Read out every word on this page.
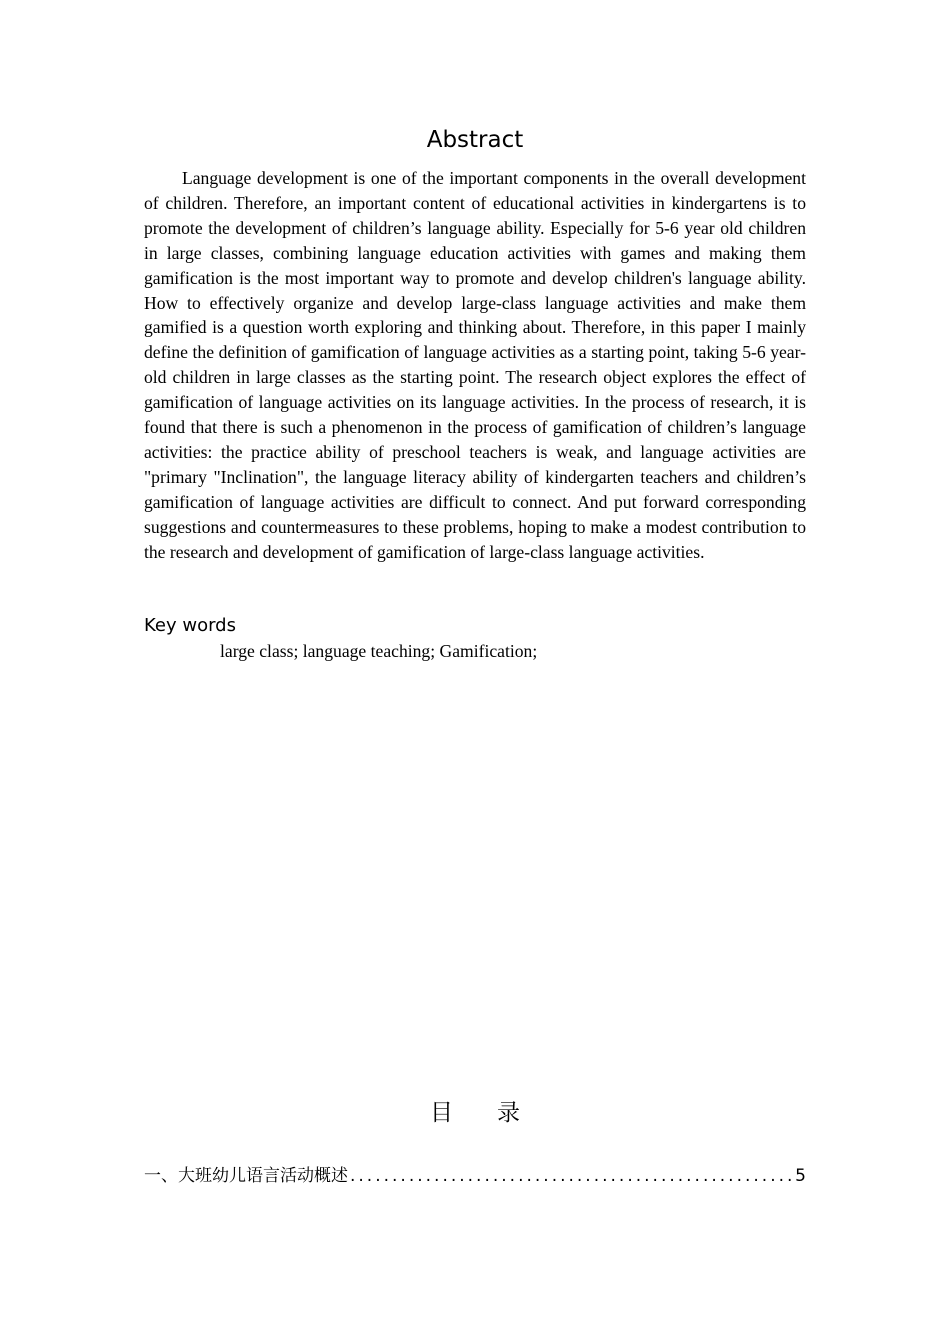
Abstract

Language development is one of the important components in the overall development of children. Therefore, an important content of educational activities in kindergartens is to promote the development of children’s language ability. Especially for 5-6 year old children in large classes, combining language education activities with games and making them gamification is the most important way to promote and develop children's language ability. How to effectively organize and develop large-class language activities and make them gamified is a question worth exploring and thinking about. Therefore, in this paper I mainly define the definition of gamification of language activities as a starting point, taking 5-6 year-old children in large classes as the starting point. The research object explores the effect of gamification of language activities on its language activities. In the process of research, it is found that there is such a phenomenon in the process of gamification of children’s language activities: the practice ability of preschool teachers is weak, and language activities are "primary "Inclination", the language literacy ability of kindergarten teachers and children’s gamification of language activities are difficult to connect. And put forward corresponding suggestions and countermeasures to these problems, hoping to make a modest contribution to the research and development of gamification of large-class language activities.

Key words
large class; language teaching; Gamification;
目录
一、大班幼儿语言活动概述
.....	5
